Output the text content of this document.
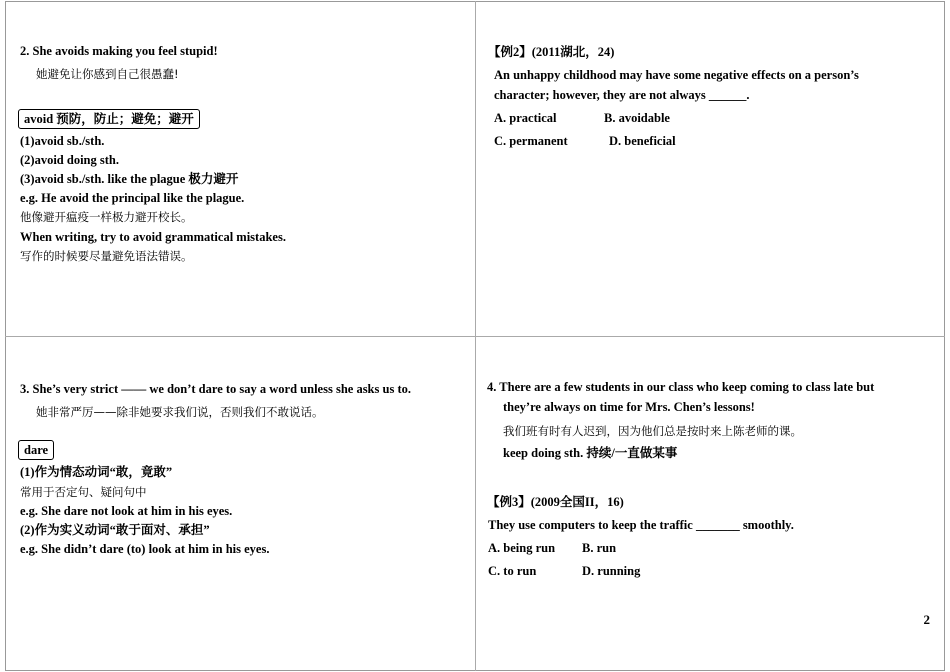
2. She avoids making you feel stupid!
她避免让你感到自己很愚蠢!
avoid 预防，防止；避免；避开
(1)avoid sb./sth.
(2)avoid doing sth.
(3)avoid sb./sth. like the plague 极力避开
e.g. He avoid the principal like the plague.
他像避开瘟疫一样极力避开校长。
When writing, try to avoid grammatical mistakes.
写作的时候要尽量避免语法错误。
【例2】(2011湖北，24)
An unhappy childhood may have some negative effects on a person’s
character; however, they are not always ______.
A. practical	B. avoidable
C. permanent	D. beneficial
3. She’s very strict —— we don’t dare to say a word unless she asks us to.
她非常严厉——除非她要求我们说，否则我们不敢说话。
dare
(1)作为情态动词“敢，竟敢”
常用于否定句、疑问句中
e.g. She dare not look at him in his eyes.
(2)作为实义动词“敢于面对、承担”
e.g. She didn’t dare (to) look at him in his eyes.
4. There are a few students in our class who keep coming to class late but
they’re always on time for Mrs. Chen’s lessons!
我们班有时有人迟到，因为他们总是按时来上陈老师的课。
keep doing sth. 持续/一直做某事
【例3】(2009全国II，16)
They use computers to keep the traffic _______ smoothly.
A. being run B. run
C. to run	D. running
2
